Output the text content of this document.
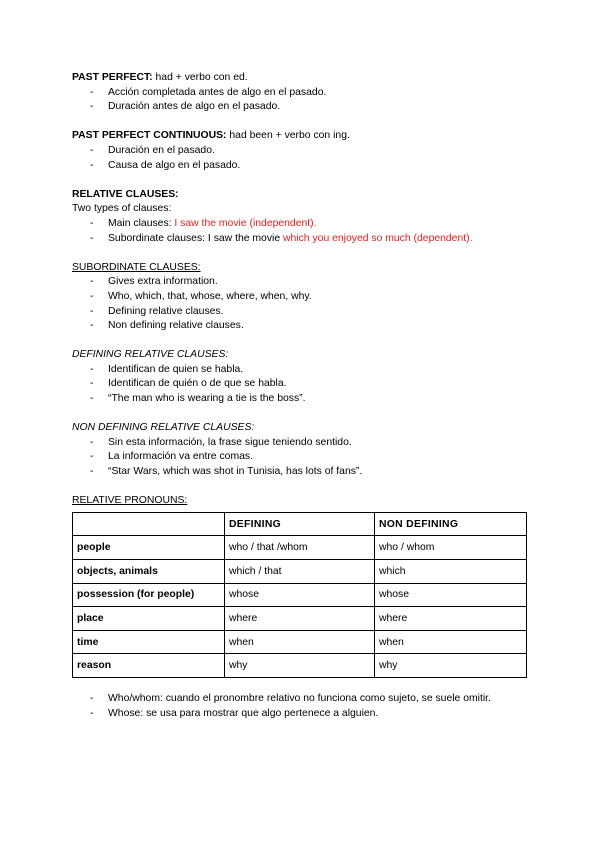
PAST PERFECT: had + verbo con ed.
- Acción completada antes de algo en el pasado.
- Duración antes de algo en el pasado.
PAST PERFECT CONTINUOUS: had been + verbo con ing.
- Duración en el pasado.
- Causa de algo en el pasado.
RELATIVE CLAUSES:
Two types of clauses:
- Main clauses: I saw the movie (independent).
- Subordinate clauses: I saw the movie which you enjoyed so much (dependent).
SUBORDINATE CLAUSES:
- Gives extra information.
- Who, which, that, whose, where, when, why.
- Defining relative clauses.
- Non defining relative clauses.
DEFINING RELATIVE CLAUSES:
- Identifican de quien se habla.
- Identifican de quién o de que se habla.
- “The man who is wearing a tie is the boss”.
NON DEFINING RELATIVE CLAUSES:
- Sin esta información, la frase sigue teniendo sentido.
- La información va entre comas.
- “Star Wars, which was shot in Tunisia, has lots of fans”.
RELATIVE PRONOUNS:
	DEFINING	NON DEFINING
people	who / that /whom	who / whom
objects, animals	which / that	which
possession (for people)	whose	whose
place	where	where
time	when	when
reason	why	why
- Who/whom: cuando el pronombre relativo no funciona como sujeto, se suele omitir.
- Whose: se usa para mostrar que algo pertenece a alguien.
